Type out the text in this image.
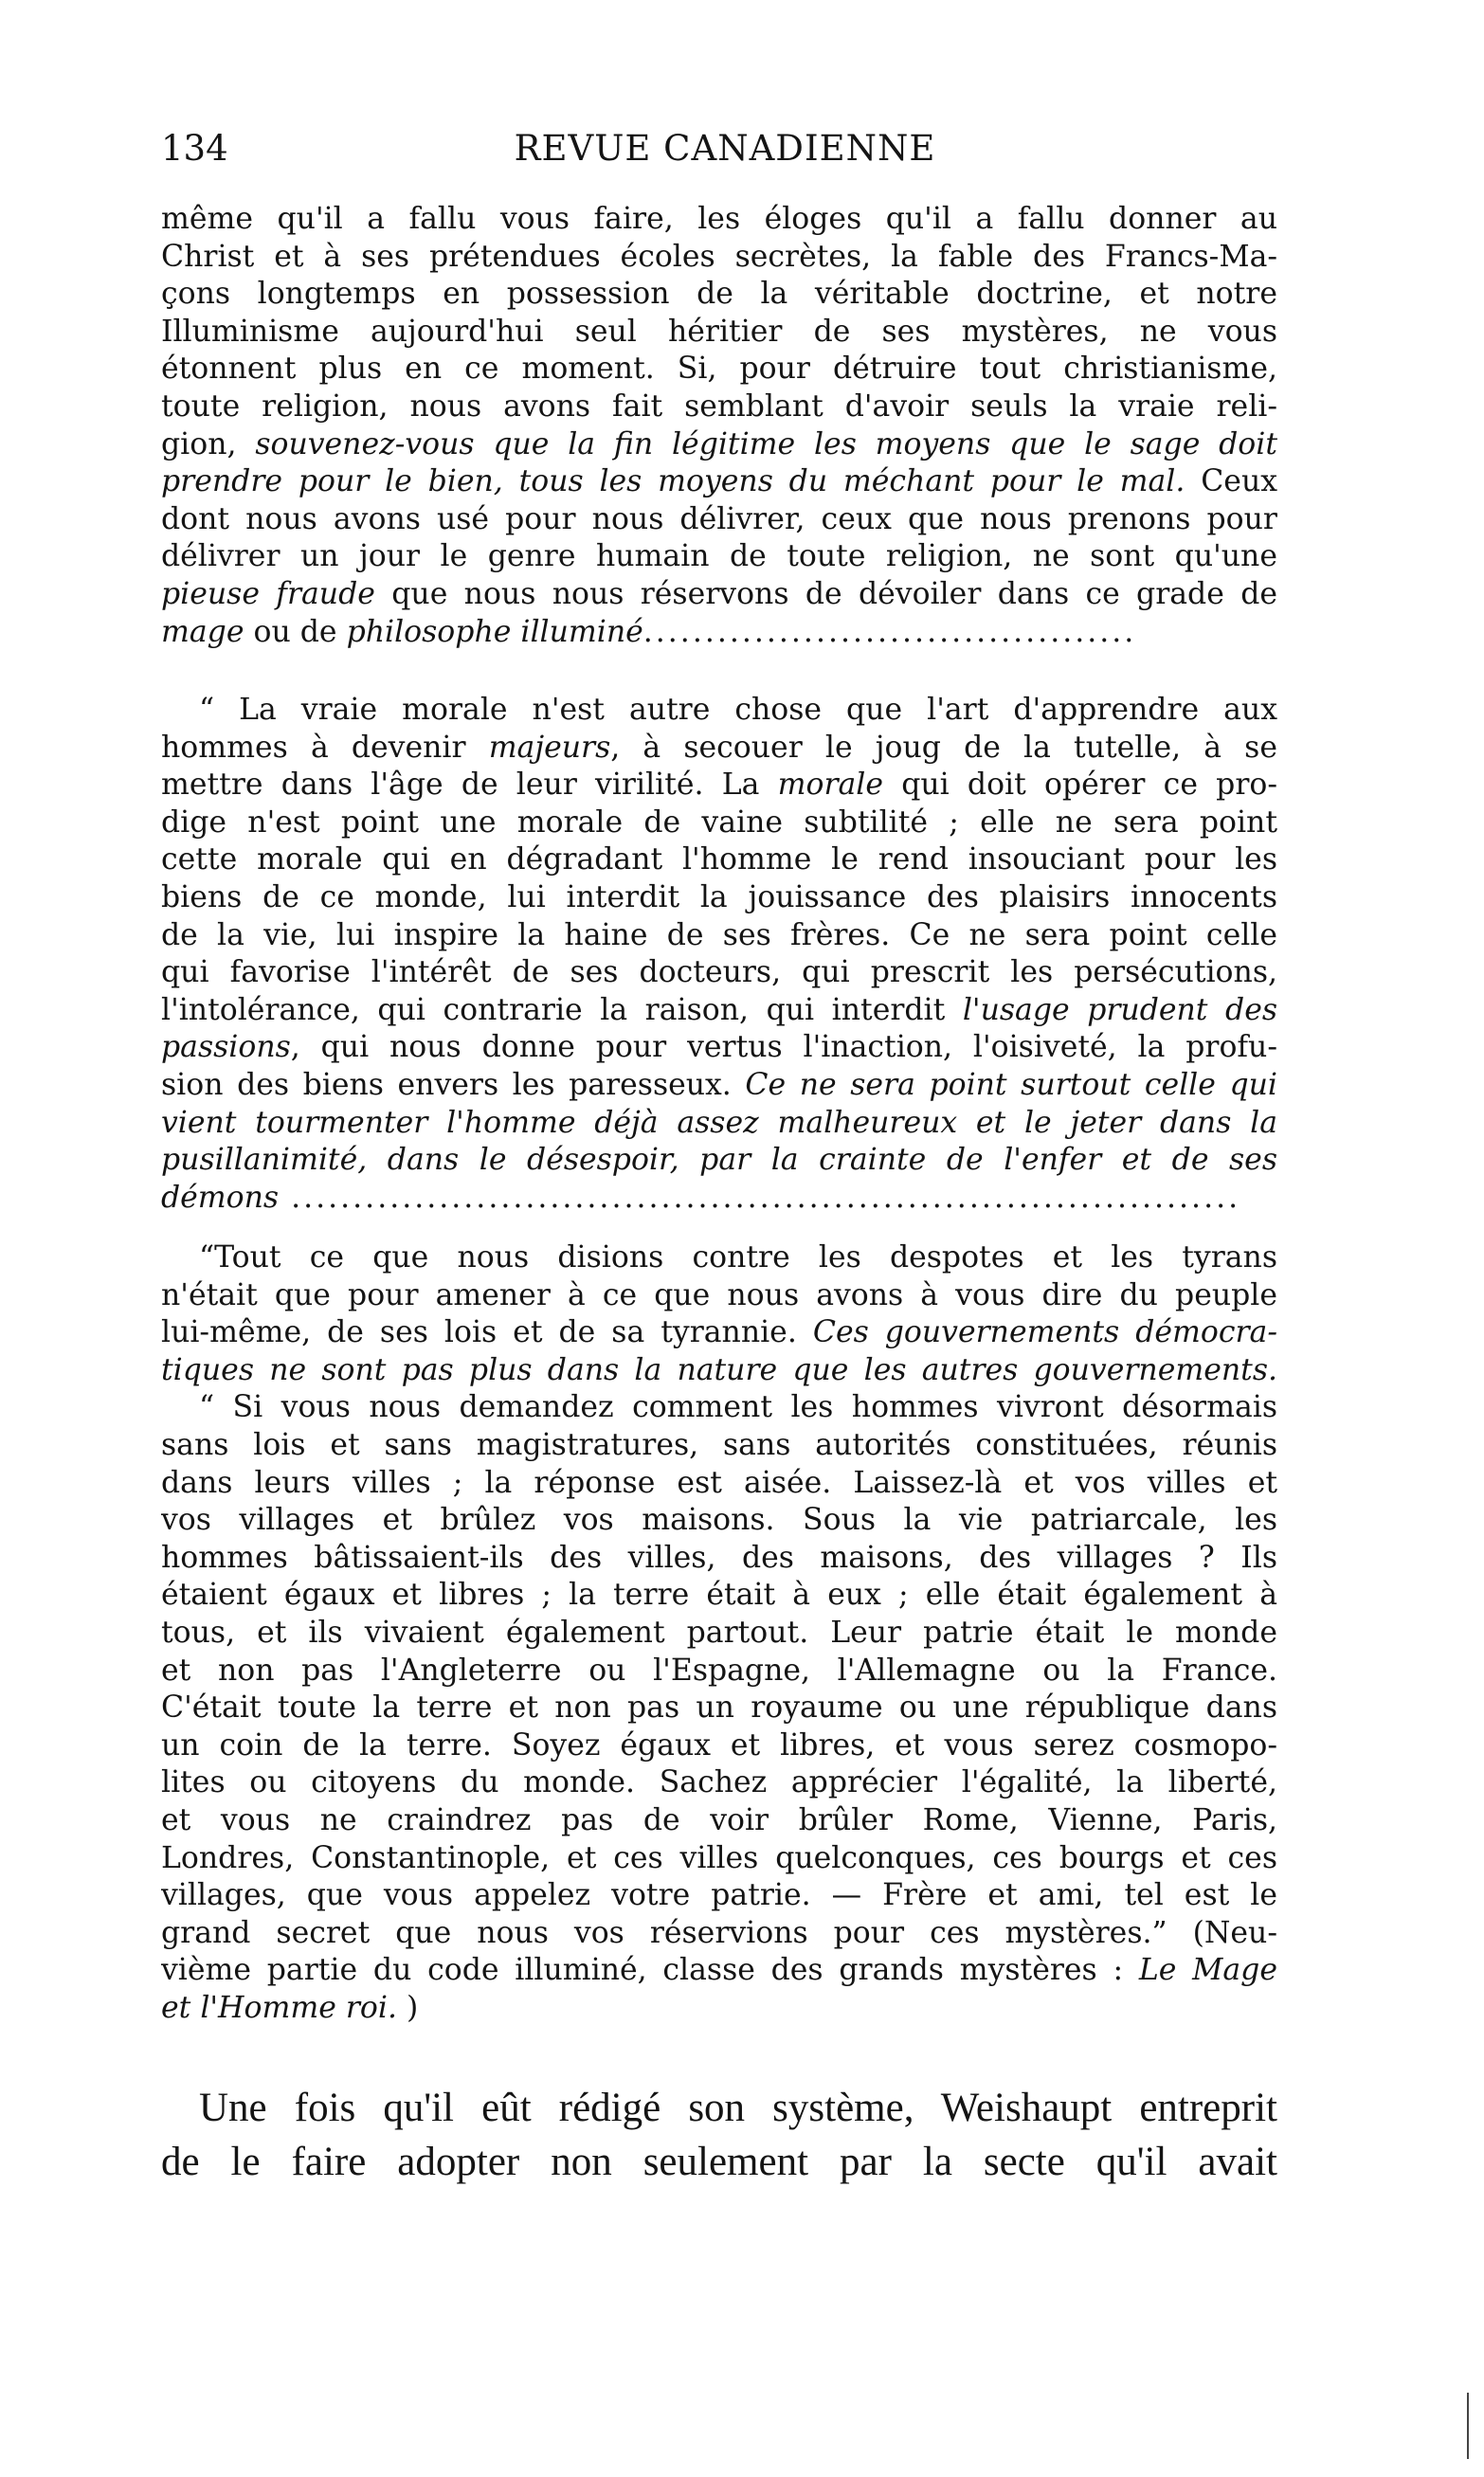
134	REVUE CANADIENNE
même qu'il a fallu vous faire, les éloges qu'il a fallu donner au
Christ et à ses prétendues écoles secrètes, la fable des Francs-Ma-
çons longtemps en possession de la véritable doctrine, et notre
Illuminisme aujourd'hui seul héritier de ses mystères, ne vous
étonnent plus en ce moment. Si, pour détruire tout christianisme,
toute religion, nous avons fait semblant d'avoir seuls la vraie reli-
gion, souvenez-vous que la fin légitime les moyens que le sage doit
prendre pour le bien, tous les moyens du méchant pour le mal. Ceux
dont nous avons usé pour nous délivrer, ceux que nous prenons pour
délivrer un jour le genre humain de toute religion, ne sont qu'une
pieuse fraude que nous nous réservons de dévoiler dans ce grade de
mage ou de philosophe illuminé........................................
“ La vraie morale n'est autre chose que l'art d'apprendre aux
hommes à devenir majeurs, à secouer le joug de la tutelle, à se
mettre dans l'âge de leur virilité. La morale qui doit opérer ce pro-
dige n'est point une morale de vaine subtilité ; elle ne sera point
cette morale qui en dégradant l'homme le rend insouciant pour les
biens de ce monde, lui interdit la jouissance des plaisirs innocents
de la vie, lui inspire la haine de ses frères. Ce ne sera point celle
qui favorise l'intérêt de ses docteurs, qui prescrit les persécutions,
l'intolérance, qui contrarie la raison, qui interdit l'usage prudent des
passions, qui nous donne pour vertus l'inaction, l'oisiveté, la profu-
sion des biens envers les paresseux. Ce ne sera point surtout celle qui
vient tourmenter l'homme déjà assez malheureux et le jeter dans la
pusillanimité, dans le désespoir, par la crainte de l'enfer et de ses
démons .............................................................................
“Tout ce que nous disions contre les despotes et les tyrans
n'était que pour amener à ce que nous avons à vous dire du peuple
lui-même, de ses lois et de sa tyrannie. Ces gouvernements démocra-
tiques ne sont pas plus dans la nature que les autres gouvernements.
“ Si vous nous demandez comment les hommes vivront désormais
sans lois et sans magistratures, sans autorités constituées, réunis
dans leurs villes ; la réponse est aisée. Laissez-là et vos villes et
vos villages et brûlez vos maisons. Sous la vie patriarcale, les
hommes bâtissaient-ils des villes, des maisons, des villages ? Ils
étaient égaux et libres ; la terre était à eux ; elle était également à
tous, et ils vivaient également partout. Leur patrie était le monde
et non pas l'Angleterre ou l'Espagne, l'Allemagne ou la France.
C'était toute la terre et non pas un royaume ou une république dans
un coin de la terre. Soyez égaux et libres, et vous serez cosmopo-
lites ou citoyens du monde. Sachez apprécier l'égalité, la liberté,
et vous ne craindrez pas de voir brûler Rome, Vienne, Paris,
Londres, Constantinople, et ces villes quelconques, ces bourgs et ces
villages, que vous appelez votre patrie. — Frère et ami, tel est le
grand secret que nous vos réservions pour ces mystères.” (Neu-
vième partie du code illuminé, classe des grands mystères : Le Mage
et l'Homme roi. )
Une fois qu'il eût rédigé son système, Weishaupt entreprit
de le faire adopter non seulement par la secte qu'il avait
